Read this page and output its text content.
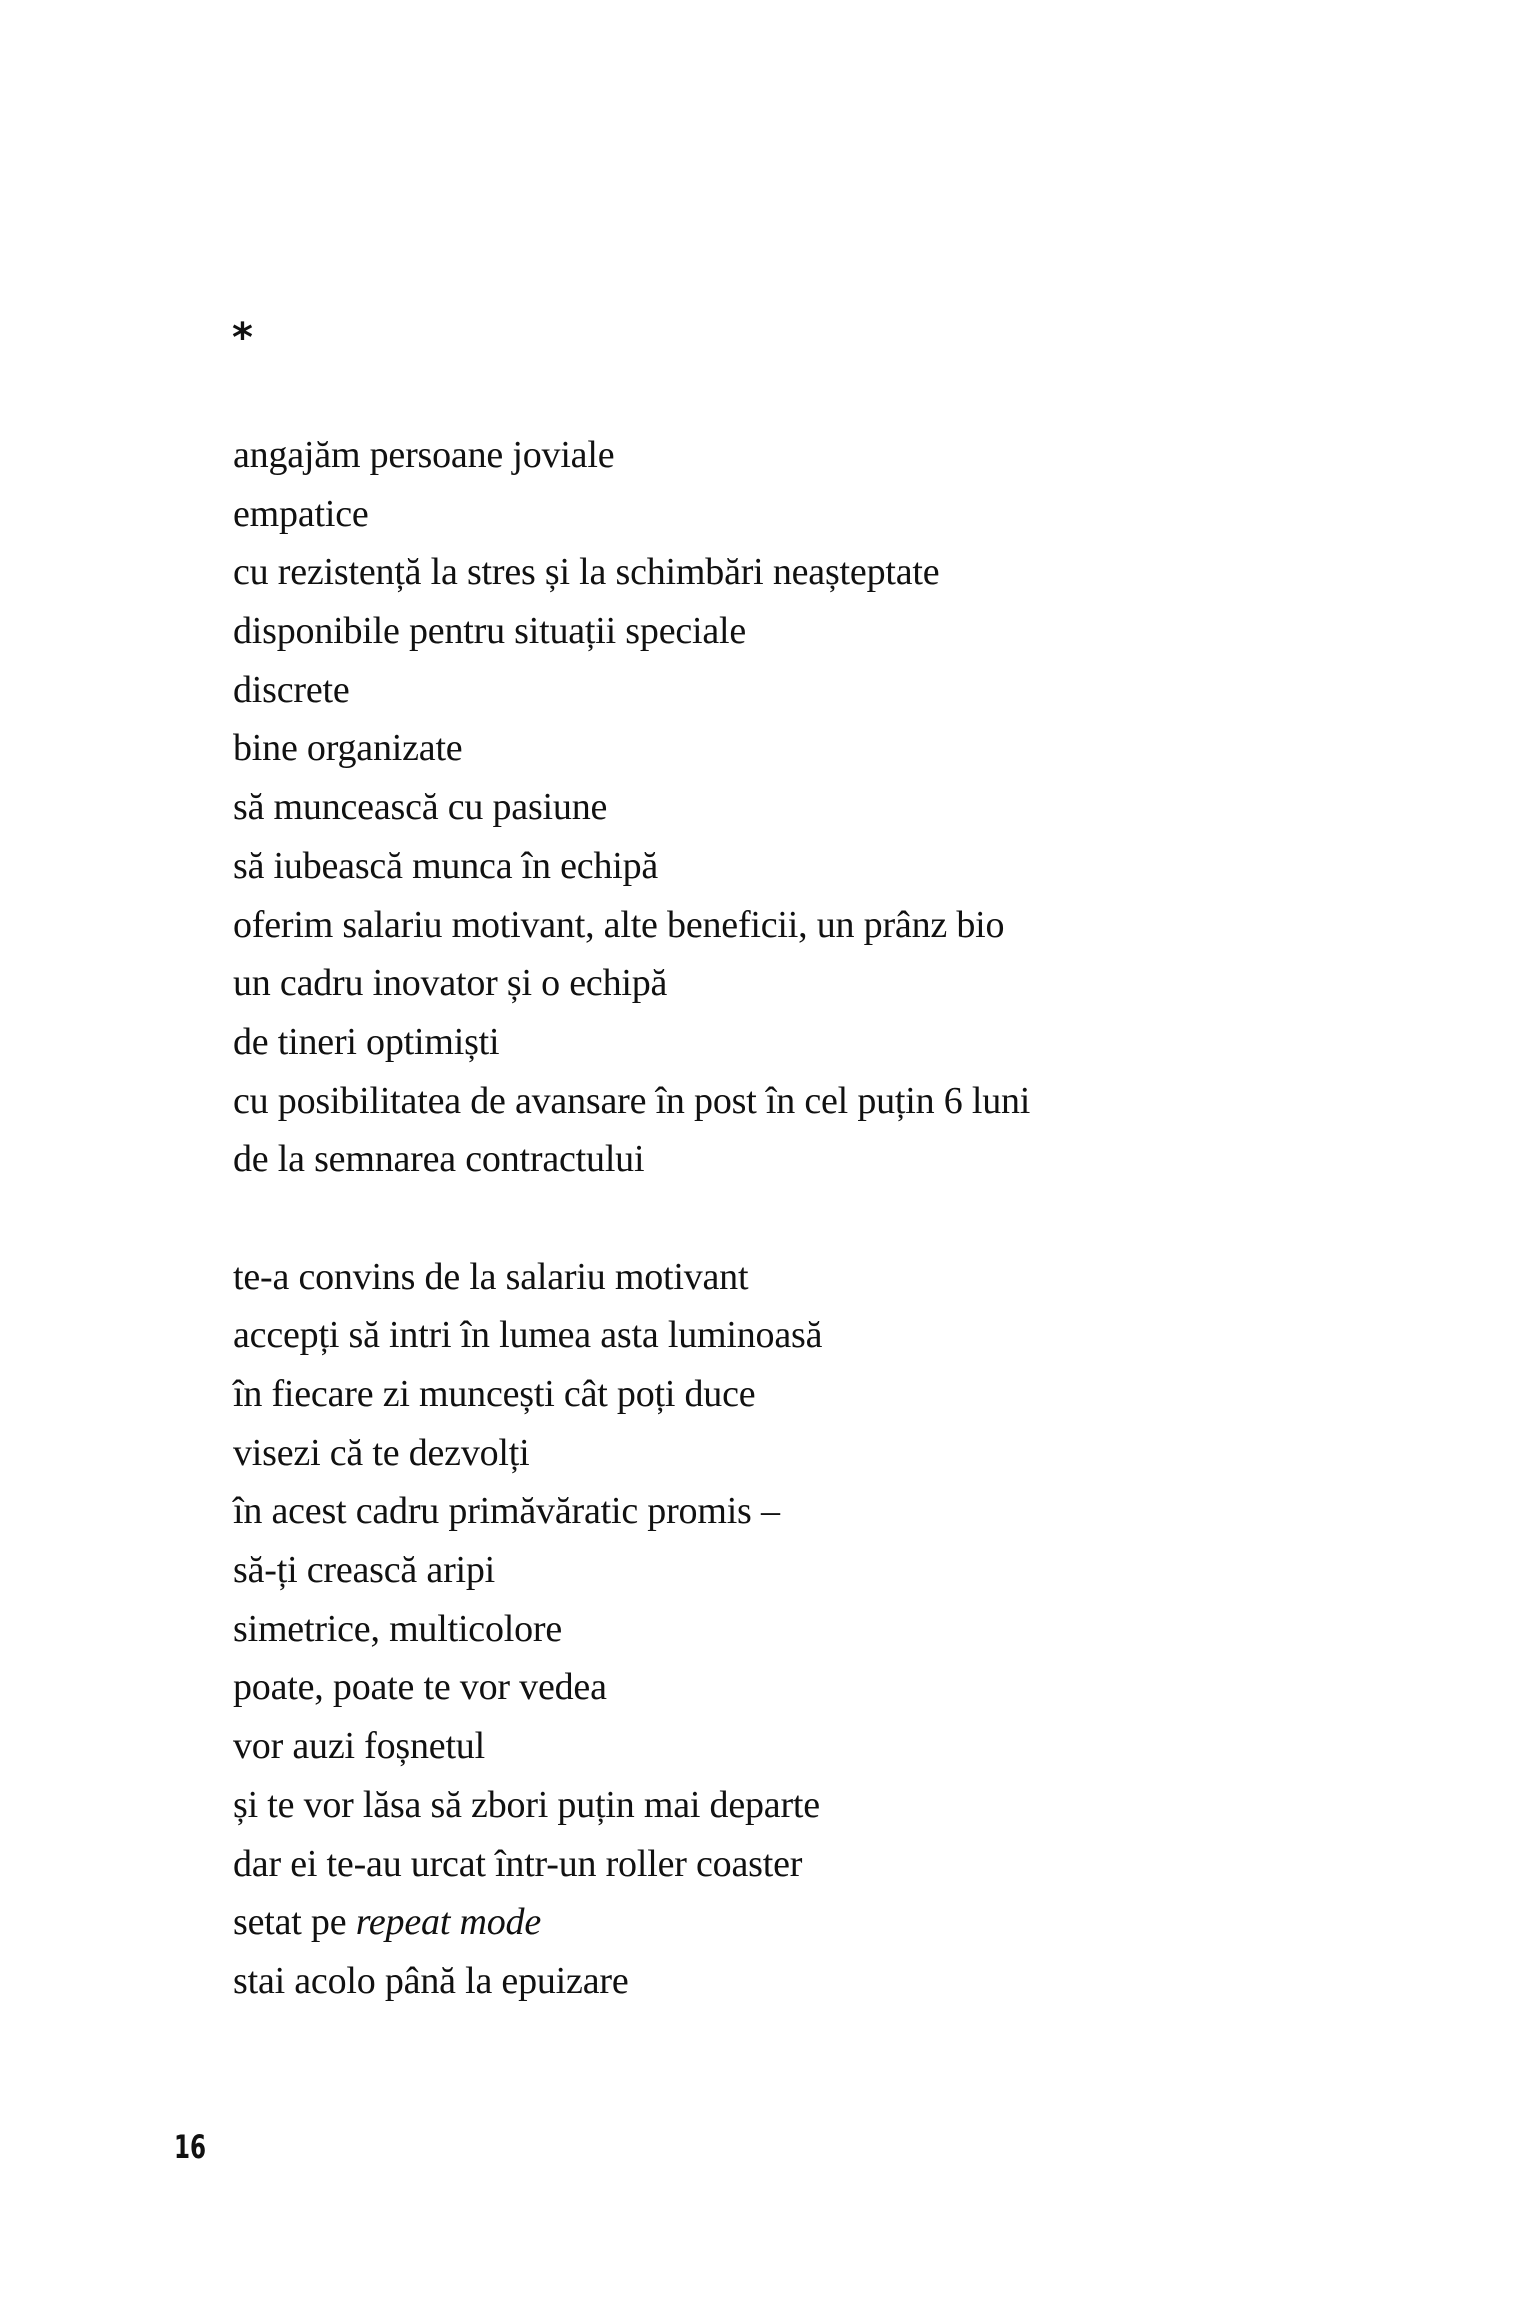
*
angajăm persoane joviale
empatice
cu rezistență la stres și la schimbări neașteptate
disponibile pentru situații speciale
discrete
bine organizate
să muncească cu pasiune
să iubească munca în echipă
oferim salariu motivant, alte beneficii, un prânz bio
un cadru inovator și o echipă
de tineri optimiști
cu posibilitatea de avansare în post în cel puțin 6 luni
de la semnarea contractului
te-a convins de la salariu motivant
accepți să intri în lumea asta luminoasă
în fiecare zi muncești cât poți duce
visezi că te dezvolți
în acest cadru primăvăratic promis –
să-ți crească aripi
simetrice, multicolore
poate, poate te vor vedea
vor auzi foșnetul
și te vor lăsa să zbori puțin mai departe
dar ei te-au urcat într-un roller coaster
setat pe repeat mode
stai acolo până la epuizare
16
